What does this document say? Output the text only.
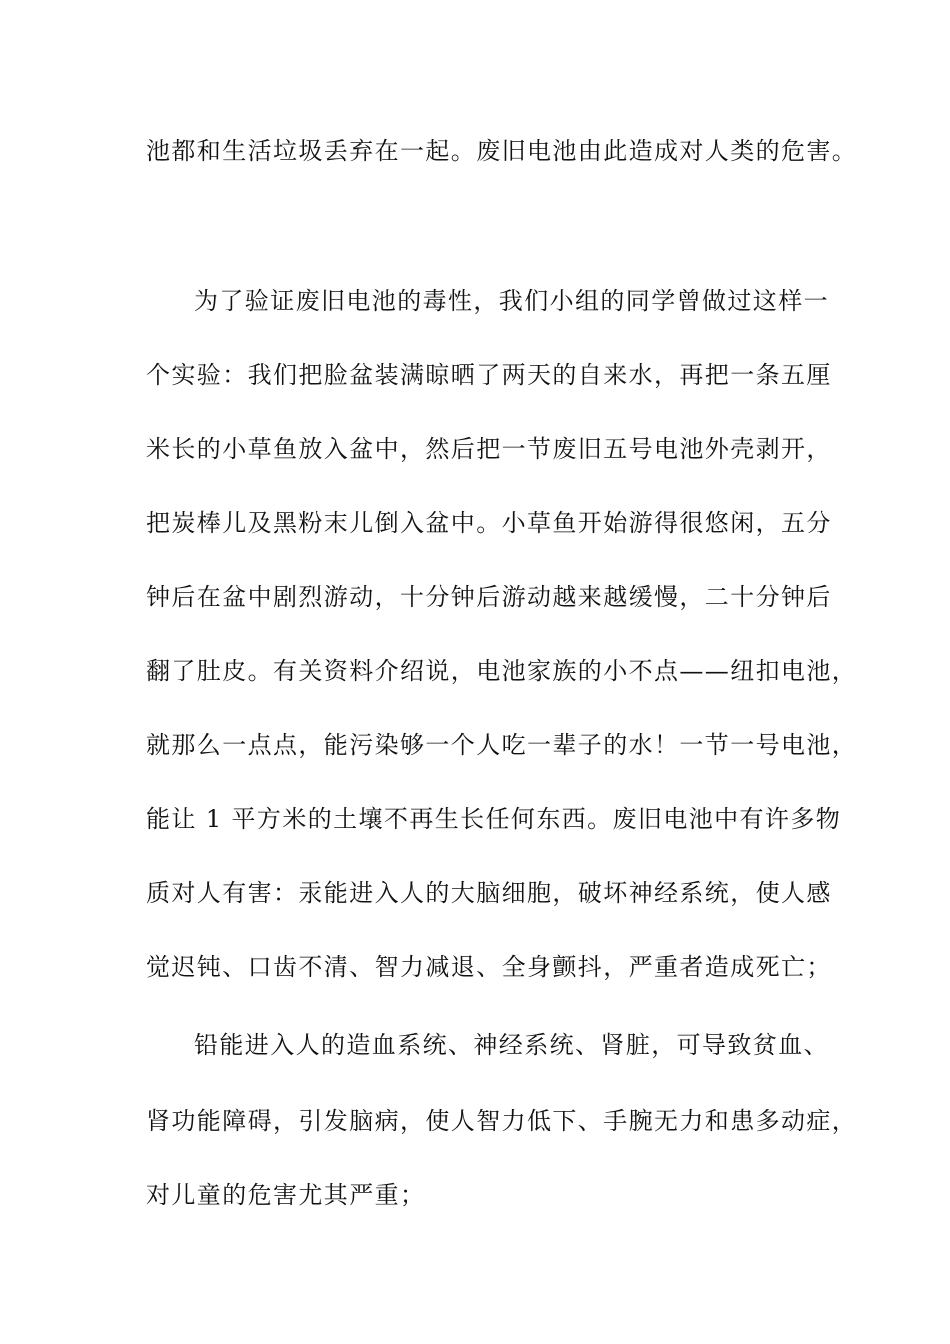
池都和生活垃圾丢弃在一起。废旧电池由此造成对人类的危害。
为了验证废旧电池的毒性，我们小组的同学曾做过这样一
个实验：我们把脸盆装满晾晒了两天的自来水，再把一条五厘
米长的小草鱼放入盆中，然后把一节废旧五号电池外壳剥开，
把炭棒儿及黑粉末儿倒入盆中。小草鱼开始游得很悠闲，五分
钟后在盆中剧烈游动，十分钟后游动越来越缓慢，二十分钟后
翻了肚皮。有关资料介绍说，电池家族的小不点——纽扣电池，
就那么一点点，能污染够一个人吃一辈子的水！一节一号电池，
能让 1 平方米的土壤不再生长任何东西。废旧电池中有许多物
质对人有害：汞能进入人的大脑细胞，破坏神经系统，使人感
觉迟钝、口齿不清、智力减退、全身颤抖，严重者造成死亡；
铅能进入人的造血系统、神经系统、肾脏，可导致贫血、
肾功能障碍，引发脑病，使人智力低下、手腕无力和患多动症，
对儿童的危害尤其严重；
